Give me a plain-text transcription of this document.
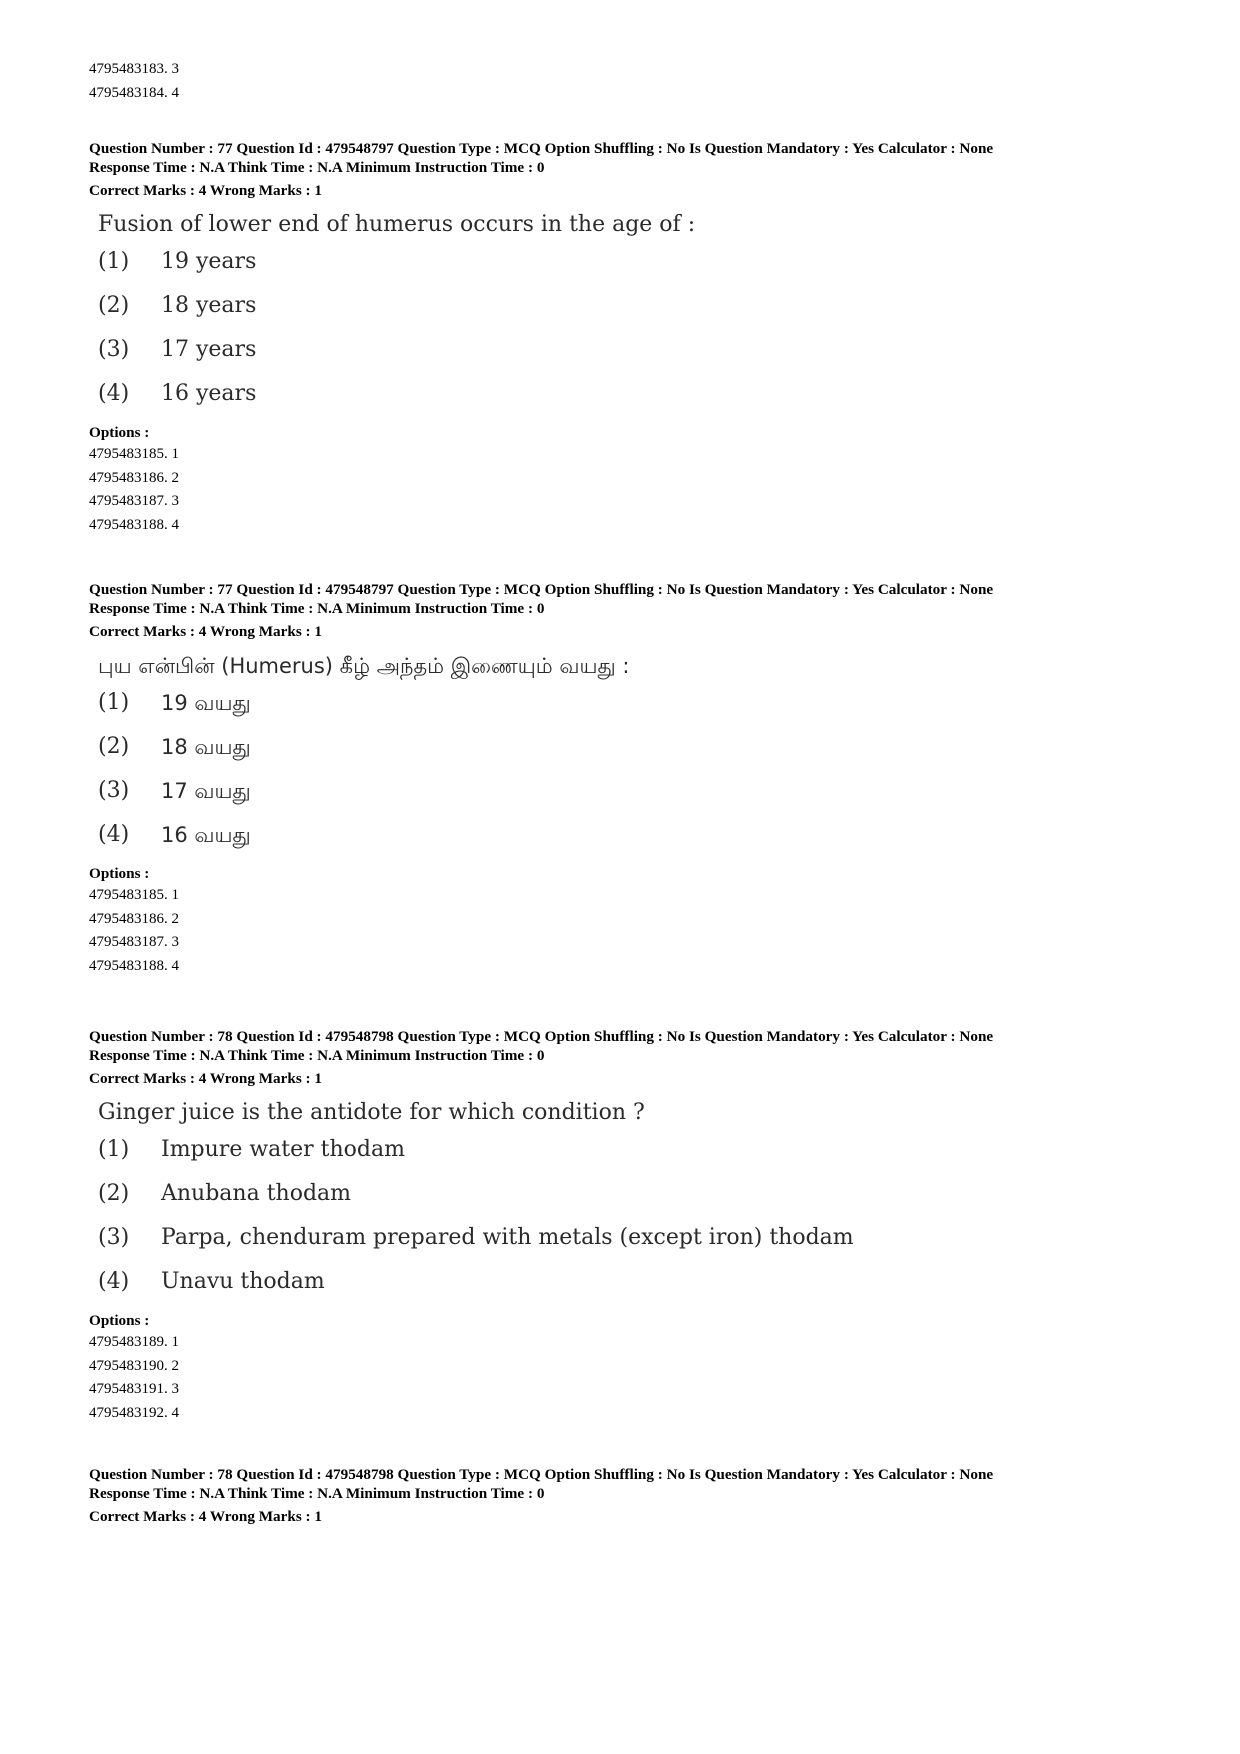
4795483183. 3
4795483184. 4
Question Number : 77 Question Id : 479548797 Question Type : MCQ Option Shuffling : No Is Question Mandatory : Yes Calculator : None
Response Time : N.A Think Time : N.A Minimum Instruction Time : 0
Correct Marks : 4 Wrong Marks : 1
Fusion of lower end of humerus occurs in the age of :
(1)	19 years
(2)	18 years
(3)	17 years
(4)	16 years
Options :
4795483185. 1
4795483186. 2
4795483187. 3
4795483188. 4
Question Number : 77 Question Id : 479548797 Question Type : MCQ Option Shuffling : No Is Question Mandatory : Yes Calculator : None
Response Time : N.A Think Time : N.A Minimum Instruction Time : 0
Correct Marks : 4 Wrong Marks : 1
புய என்பின் (Humerus) கீழ் அந்தம் இணையும் வயது :
(1)	19 வயது
(2)	18 வயது
(3)	17 வயது
(4)	16 வயது
Options :
4795483185. 1
4795483186. 2
4795483187. 3
4795483188. 4
Question Number : 78 Question Id : 479548798 Question Type : MCQ Option Shuffling : No Is Question Mandatory : Yes Calculator : None
Response Time : N.A Think Time : N.A Minimum Instruction Time : 0
Correct Marks : 4 Wrong Marks : 1
Ginger juice is the antidote for which condition ?
(1)	Impure water thodam
(2)	Anubana thodam
(3)	Parpa, chenduram prepared with metals (except iron) thodam
(4)	Unavu thodam
Options :
4795483189. 1
4795483190. 2
4795483191. 3
4795483192. 4
Question Number : 78 Question Id : 479548798 Question Type : MCQ Option Shuffling : No Is Question Mandatory : Yes Calculator : None
Response Time : N.A Think Time : N.A Minimum Instruction Time : 0
Correct Marks : 4 Wrong Marks : 1
